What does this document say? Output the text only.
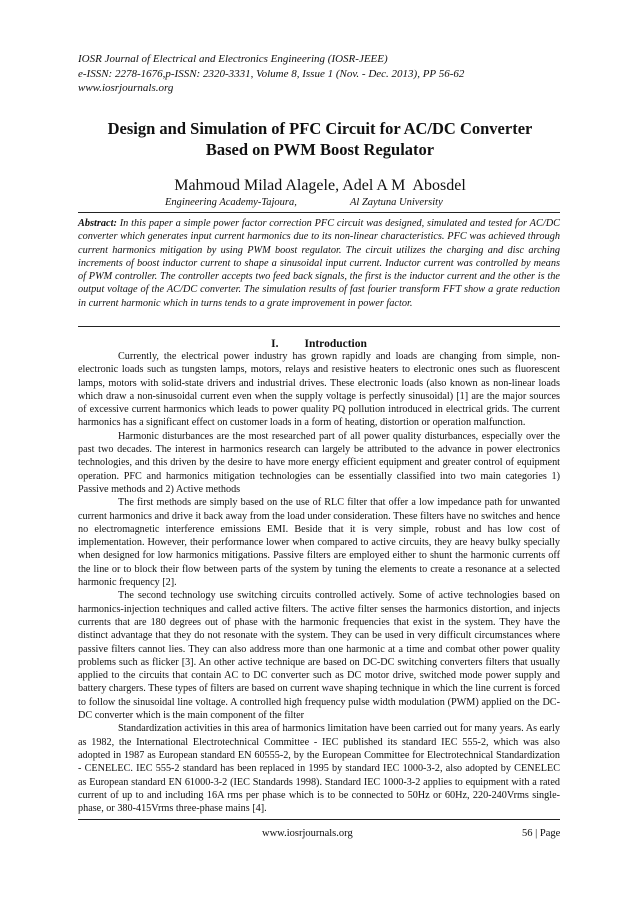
IOSR Journal of Electrical and Electronics Engineering (IOSR-JEEE)
e-ISSN: 2278-1676,p-ISSN: 2320-3331, Volume 8, Issue 1 (Nov. - Dec. 2013), PP 56-62
www.iosrjournals.org
Design and Simulation of PFC Circuit for AC/DC Converter
Based on PWM Boost Regulator
Mahmoud Milad Alagele, Adel A M  Abosdel
Engineering Academy-Tajoura,	Al Zaytuna University
Abstract: In this paper a simple power factor correction PFC circuit was designed, simulated and tested for AC/DC converter which generates input current harmonics due to its non-linear characteristics. PFC was achieved through current harmonics mitigation by using PWM boost regulator. The circuit utilizes the charging and disc arching increments of boost inductor current to shape a sinusoidal input current. Inductor current was controlled by means of PWM controller. The controller accepts two feed back signals, the first is the inductor current and the other is the output voltage of the AC/DC converter. The simulation results of fast fourier transform FFT show a grate reduction in current harmonic which in turns tends to a grate improvement in power factor.
I. Introduction

Currently, the electrical power industry has grown rapidly and loads are changing from simple, non-electronic loads such as tungsten lamps, motors, relays and resistive heaters to electronic ones such as fluorescent lamps, motors with solid-state drivers and industrial drives. These electronic loads (also known as non-linear loads which draw a non-sinusoidal current even when the supply voltage is perfectly sinusoidal) [1] are the major sources of excessive current harmonics which leads to power quality PQ pollution introduced in electrical grids. The current harmonics has a significant effect on customer loads in a form of heating, distortion or operation malfunction.

Harmonic disturbances are the most researched part of all power quality disturbances, especially over the past two decades. The interest in harmonics research can largely be attributed to the advance in power electronics technologies, and this driven by the desire to have more energy efficient equipment and greater control of equipment operation. PFC and harmonics mitigation technologies can be essentially classified into two main categories 1) Passive methods and 2) Active methods

The first methods are simply based on the use of RLC filter that offer a low impedance path for unwanted current harmonics and drive it back away from the load under consideration. These filters have no switches and hence no electromagnetic interference emissions EMI. Beside that it is very simple, robust and has low cost of implementation. However, their performance lower when compared to active circuits, they are heavy bulky specially when designed for low harmonics mitigations. Passive filters are employed either to shunt the harmonic currents off the line or to block their flow between parts of the system by tuning the elements to create a resonance at a selected harmonic frequency [2].

The second technology use switching circuits controlled actively. Some of active technologies based on harmonics-injection techniques and called active filters. The active filter senses the harmonics distortion, and injects currents that are 180 degrees out of phase with the harmonic frequencies that exist in the system. They have the distinct advantage that they do not resonate with the system. They can be used in very difficult circumstances where passive filters cannot lies. They can also address more than one harmonic at a time and combat other power quality problems such as flicker [3]. An other active technique are based on DC-DC switching converters filters that usually applied to the circuits that contain AC to DC converter such as DC motor drive, switched mode power supply and battery chargers. These types of filters are based on current wave shaping technique in which the line current is forced to follow the sinusoidal line voltage. A controlled high frequency pulse width modulation (PWM) applied on the DC-DC converter which is the main component of the filter

Standardization activities in this area of harmonics limitation have been carried out for many years. As early as 1982, the International Electrotechnical Committee - IEC published its standard IEC 555-2, which was also adopted in 1987 as European standard EN 60555-2, by the European Committee for Electrotechnical Standardization - CENELEC. IEC 555-2 standard has been replaced in 1995 by standard IEC 1000-3-2, also adopted by CENELEC as European standard EN 61000-3-2 (IEC Standards 1998). Standard IEC 1000-3-2 applies to equipment with a rated current of up to and including 16A rms per phase which is to be connected to 50Hz or 60Hz, 220-240Vrms single-phase, or 380-415Vrms three-phase mains [4].

www.iosrjournals.org	56 | Page
